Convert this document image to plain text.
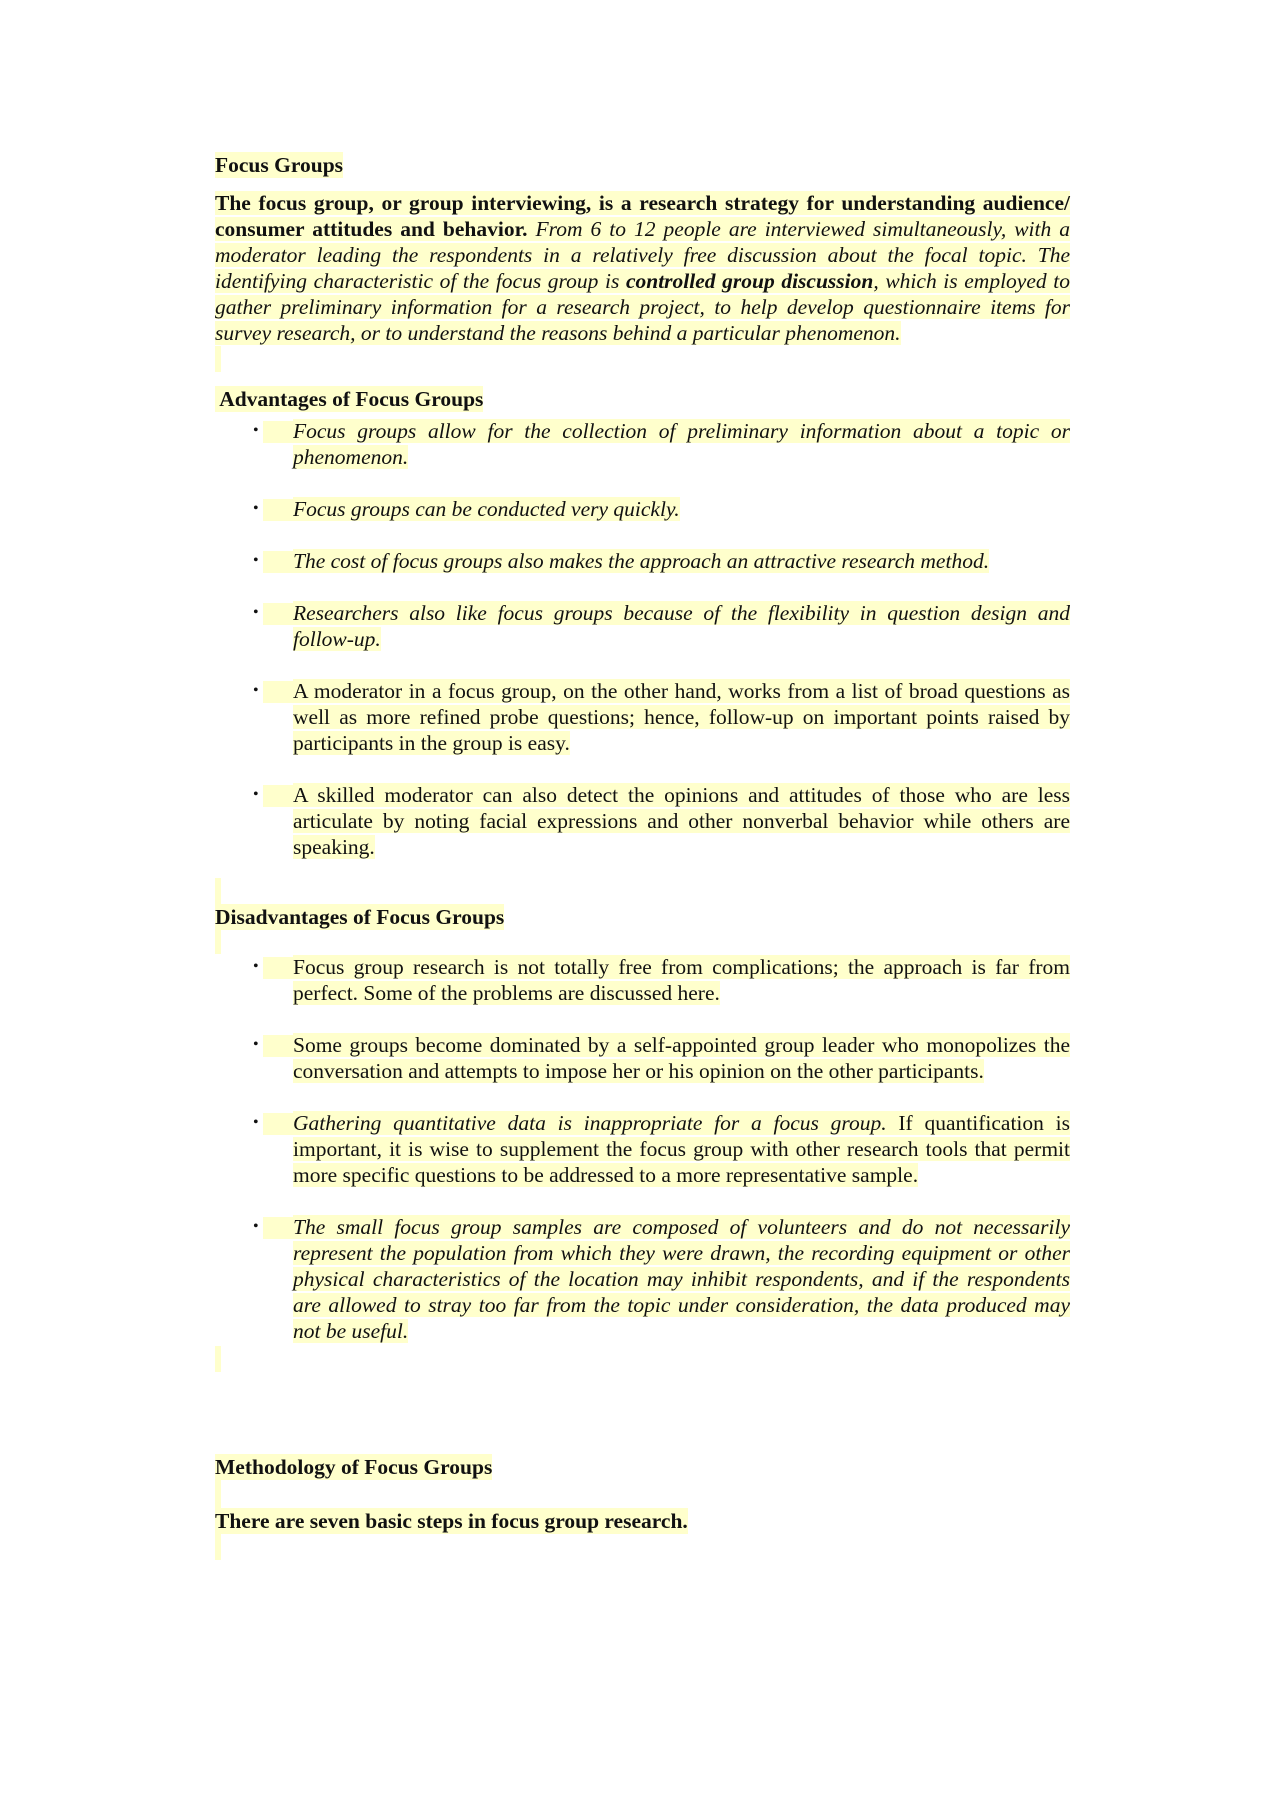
Focus Groups

The focus group, or group interviewing, is a research strategy for understanding audience/ consumer attitudes and behavior. From 6 to 12 people are interviewed simultaneously, with a moderator leading the respondents in a relatively free discussion about the focal topic. The identifying characteristic of the focus group is controlled group discussion, which is employed to gather preliminary information for a research project, to help develop questionnaire items for survey research, or to understand the reasons behind a particular phenomenon.

Advantages of Focus Groups
• Focus groups allow for the collection of preliminary information about a topic or phenomenon.
• Focus groups can be conducted very quickly.
• The cost of focus groups also makes the approach an attractive research method.
• Researchers also like focus groups because of the flexibility in question design and follow-up.
• A moderator in a focus group, on the other hand, works from a list of broad questions as well as more refined probe questions; hence, follow-up on important points raised by participants in the group is easy.
• A skilled moderator can also detect the opinions and attitudes of those who are less articulate by noting facial expressions and other nonverbal behavior while others are speaking.
Disadvantages of Focus Groups
• Focus group research is not totally free from complications; the approach is far from perfect. Some of the problems are discussed here.
• Some groups become dominated by a self-appointed group leader who monopolizes the conversation and attempts to impose her or his opinion on the other participants.
• Gathering quantitative data is inappropriate for a focus group. If quantification is important, it is wise to supplement the focus group with other research tools that permit more specific questions to be addressed to a more representative sample.
• The small focus group samples are composed of volunteers and do not necessarily represent the population from which they were drawn, the recording equipment or other physical characteristics of the location may inhibit respondents, and if the respondents are allowed to stray too far from the topic under consideration, the data produced may not be useful.
Methodology of Focus Groups
There are seven basic steps in focus group research.
